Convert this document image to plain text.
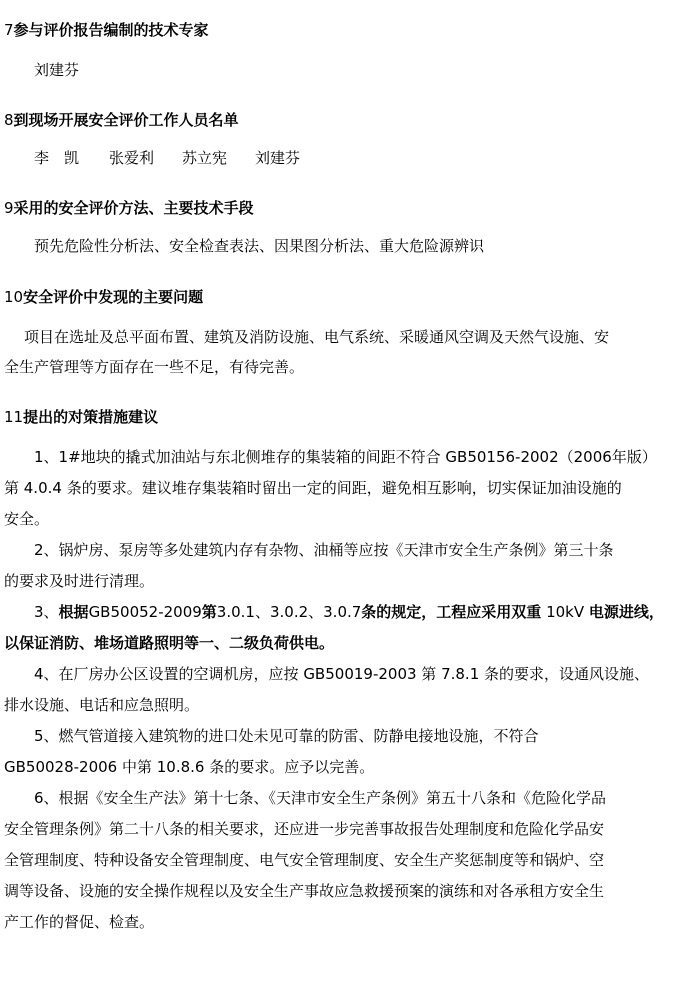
7参与评价报告编制的技术专家
刘建芬
8到现场开展安全评价工作人员名单
李　凯 张爱利 苏立宪 刘建芬
9采用的安全评价方法、主要技术手段
预先危险性分析法、安全检查表法、因果图分析法、重大危险源辨识
10安全评价中发现的主要问题
项目在选址及总平面布置、建筑及消防设施、电气系统、采暖通风空调及天然气设施、安
全生产管理等方面存在一些不足，有待完善。
11提出的对策措施建议
1、1#地块的撬式加油站与东北侧堆存的集装箱的间距不符合 GB50156-2002（2006年版）
第 4.0.4 条的要求。建议堆存集装箱时留出一定的间距，避免相互影响，切实保证加油设施的
安全。
2、锅炉房、泵房等多处建筑内存有杂物、油桶等应按《天津市安全生产条例》第三十条
的要求及时进行清理。
3、根据GB50052-2009第3.0.1、3.0.2、3.0.7条的规定，工程应采用双重 10kV 电源进线，
以保证消防、堆场道路照明等一、二级负荷供电。
4、在厂房办公区设置的空调机房，应按 GB50019-2003 第 7.8.1 条的要求，设通风设施、
排水设施、电话和应急照明。
5、燃气管道接入建筑物的进口处未见可靠的防雷、防静电接地设施，不符合
GB50028-2006 中第 10.8.6 条的要求。应予以完善。
6、根据《安全生产法》第十七条、《天津市安全生产条例》第五十八条和《危险化学品
安全管理条例》第二十八条的相关要求，还应进一步完善事故报告处理制度和危险化学品安
全管理制度、特种设备安全管理制度、电气安全管理制度、安全生产奖惩制度等和锅炉、空
调等设备、设施的安全操作规程以及安全生产事故应急救援预案的演练和对各承租方安全生
产工作的督促、检查。
